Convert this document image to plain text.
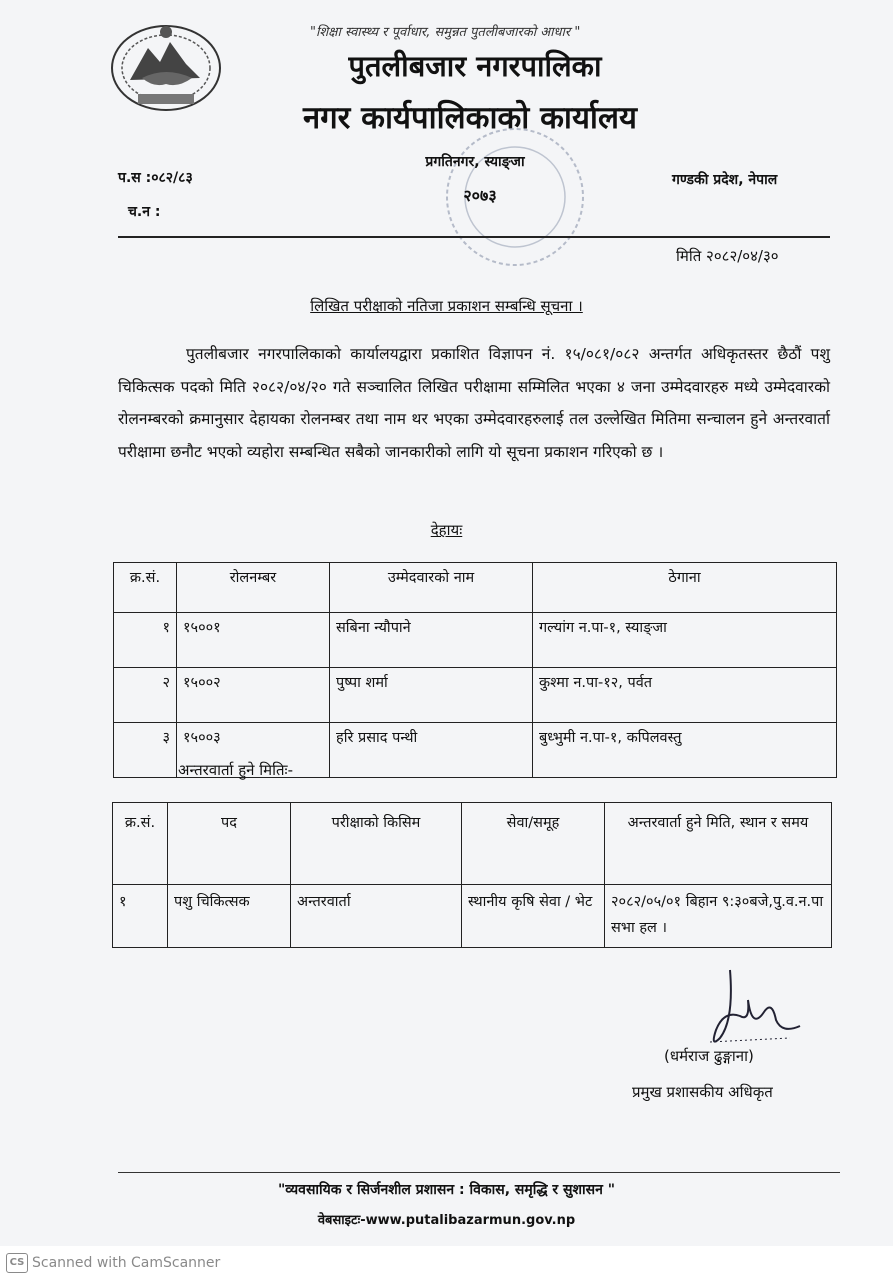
"शिक्षा स्वास्थ्य र पूर्वाधार, समुन्नत पुतलीबजारको आधार "
पुतलीबजार नगरपालिका
नगर कार्यपालिकाको कार्यालय
प्रगतिनगर, स्याङ्जा
२०७३
प.स :०८२/८३
च.न :
गण्डकी प्रदेश, नेपाल
मिति २०८२/०४/३०
लिखित परीक्षाको नतिजा प्रकाशन सम्बन्धि सूचना ।
पुतलीबजार नगरपालिकाको कार्यालयद्वारा प्रकाशित विज्ञापन नं. १५/०८१/०८२ अन्तर्गत अधिकृतस्तर छैठौं पशु चिकित्सक पदको मिति २०८२/०४/२० गते सञ्चालित लिखित परीक्षामा सम्मिलित भएका ४ जना उम्मेदवारहरु मध्ये उम्मेदवारको रोलनम्बरको क्रमानुसार देहायका रोलनम्बर तथा नाम थर भएका उम्मेदवारहरुलाई तल उल्लेखित मितिमा सन्चालन हुने अन्तरवार्ता परीक्षामा छनौट भएको व्यहोरा सम्बन्धित सबैको जानकारीको लागि यो सूचना प्रकाशन गरिएको छ ।
देहायः
क्र.सं.	रोलनम्बर	उम्मेदवारको नाम	ठेगाना
१	१५००१	सबिना न्यौपाने	गल्यांग न.पा-१, स्याङ्जा
२	१५००२	पुष्पा शर्मा	कुश्मा न.पा-१२, पर्वत
३	१५००३	हरि प्रसाद पन्थी	बुध्भुमी न.पा-१, कपिलवस्तु
अन्तरवार्ता हुने मितिः-
क्र.सं.	पद	परीक्षाको किसिम	सेवा/समूह	अन्तरवार्ता हुने मिति, स्थान र समय
१	पशु चिकित्सक	अन्तरवार्ता	स्थानीय कृषि सेवा / भेट	२०८२/०५/०१ बिहान ९:३०बजे,पु.व.न.पा सभा हल ।
(धर्मराज ढुङ्गाना)
प्रमुख प्रशासकीय अधिकृत
"व्यवसायिक र सिर्जनशील प्रशासन : विकास, समृद्धि र सुशासन "
वेबसाइटः-www.putalibazarmun.gov.np
CS Scanned with CamScanner
